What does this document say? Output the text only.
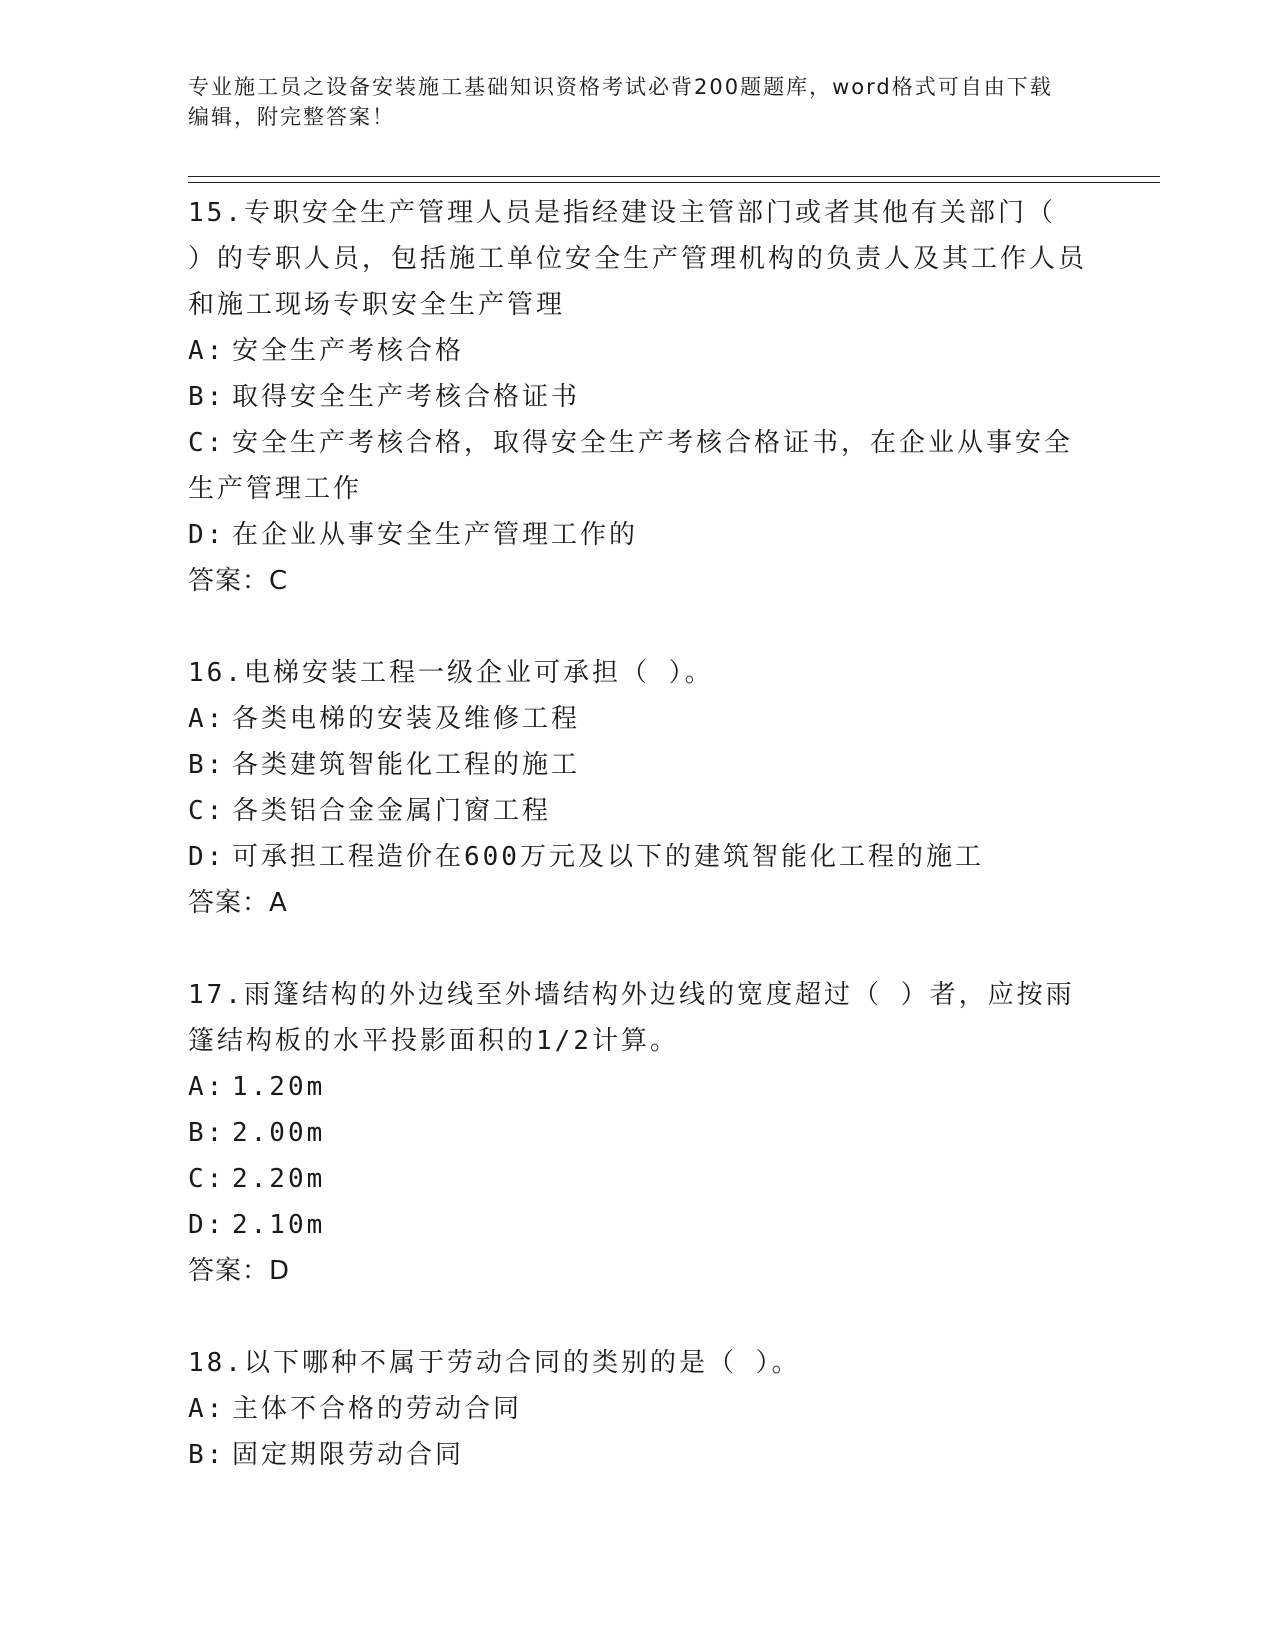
专业施工员之设备安装施工基础知识资格考试必背200题题库，word格式可自由下载编辑，附完整答案！

15.专职安全生产管理人员是指经建设主管部门或者其他有关部门（ ）的专职人员，包括施工单位安全生产管理机构的负责人及其工作人员和施工现场专职安全生产管理

A: 安全生产考核合格

B: 取得安全生产考核合格证书

C: 安全生产考核合格，取得安全生产考核合格证书，在企业从事安全生产管理工作

D: 在企业从事安全生产管理工作的

答案：C

16.电梯安装工程一级企业可承担（ ）。

A: 各类电梯的安装及维修工程

B: 各类建筑智能化工程的施工

C: 各类铝合金金属门窗工程

D: 可承担工程造价在600万元及以下的建筑智能化工程的施工

答案：A

17.雨篷结构的外边线至外墙结构外边线的宽度超过（ ）者，应按雨篷结构板的水平投影面积的1/2计算。

A: 1.20m

B: 2.00m

C: 2.20m

D: 2.10m

答案：D

18.以下哪种不属于劳动合同的类别的是（ ）。

A: 主体不合格的劳动合同

B: 固定期限劳动合同
